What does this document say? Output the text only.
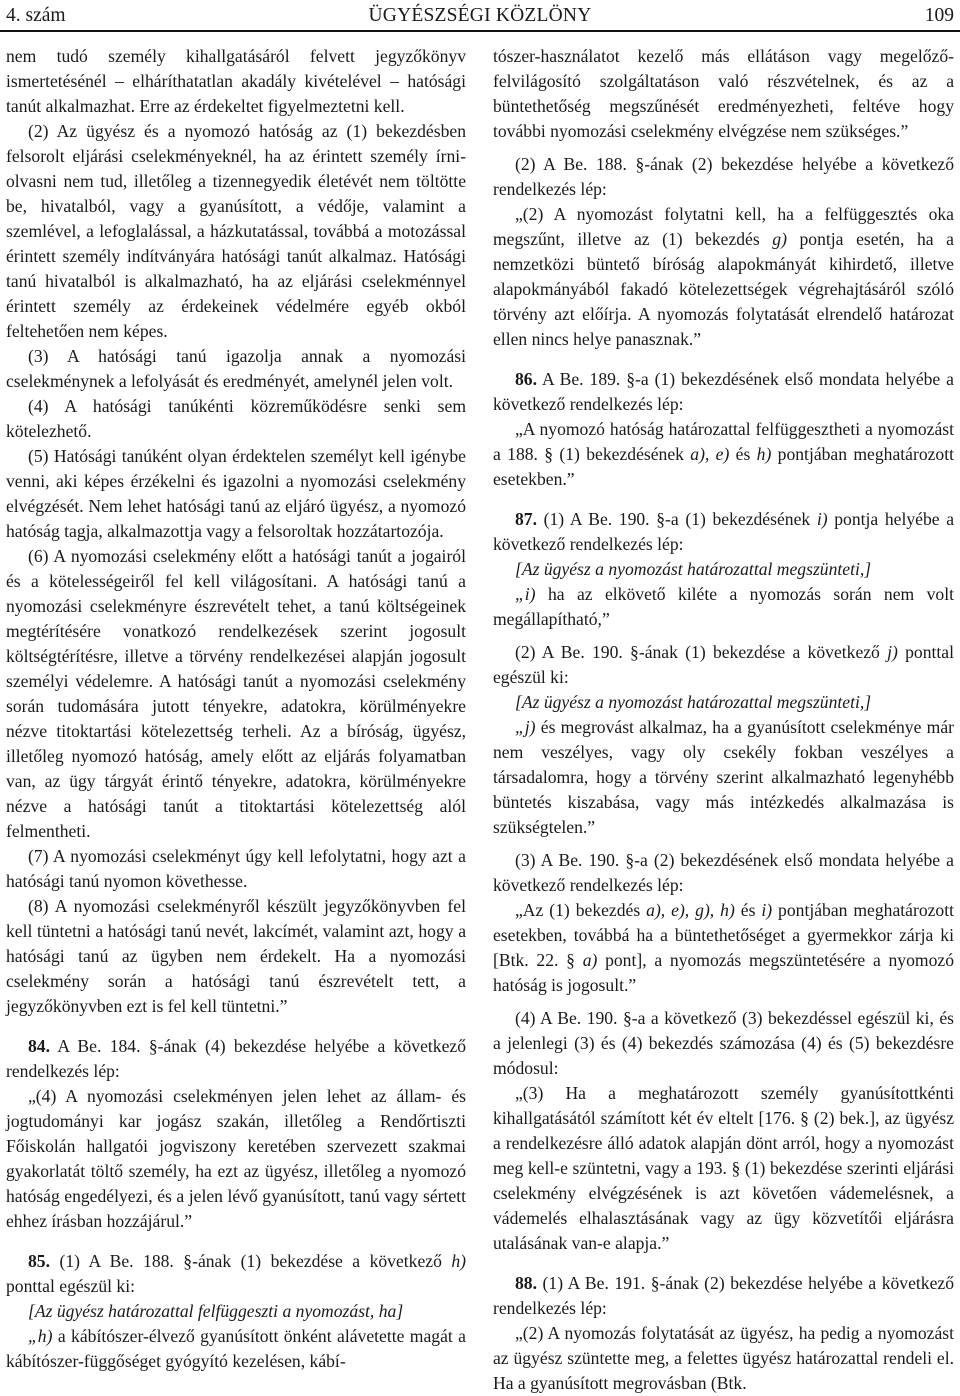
4. szám	ÜGYÉSZSÉGI KÖZLÖNY	109

nem tudó személy kihallgatásáról felvett jegyzőkönyv ismertetésénél – elháríthatatlan akadály kivételével – hatósági tanút alkalmazhat. Erre az érdekeltet figyelmeztetni kell.

(2) Az ügyész és a nyomozó hatóság az (1) bekezdésben felsorolt eljárási cselekményeknél, ha az érintett személy írni-olvasni nem tud, illetőleg a tizennegyedik életévét nem töltötte be, hivatalból, vagy a gyanúsított, a védője, valamint a szemlével, a lefoglalással, a házkutatással, továbbá a motozással érintett személy indítványára hatósági tanút alkalmaz. Hatósági tanú hivatalból is alkalmazható, ha az eljárási cselekménnyel érintett személy az érdekeinek védelmére egyéb okból feltehetően nem képes.

(3) A hatósági tanú igazolja annak a nyomozási cselekménynek a lefolyását és eredményét, amelynél jelen volt.

(4) A hatósági tanúkénti közreműködésre senki sem kötelezhető.

(5) Hatósági tanúként olyan érdektelen személyt kell igénybe venni, aki képes érzékelni és igazolni a nyomozási cselekmény elvégzését. Nem lehet hatósági tanú az eljáró ügyész, a nyomozó hatóság tagja, alkalmazottja vagy a felsoroltak hozzátartozója.

(6) A nyomozási cselekmény előtt a hatósági tanút a jogairól és a kötelességeiről fel kell világosítani. A hatósági tanú a nyomozási cselekményre észrevételt tehet, a tanú költségeinek megtérítésére vonatkozó rendelkezések szerint jogosult költségtérítésre, illetve a törvény rendelkezései alapján jogosult személyi védelemre. A hatósági tanút a nyomozási cselekmény során tudomására jutott tényekre, adatokra, körülményekre nézve titoktartási kötelezettség terheli. Az a bíróság, ügyész, illetőleg nyomozó hatóság, amely előtt az eljárás folyamatban van, az ügy tárgyát érintő tényekre, adatokra, körülményekre nézve a hatósági tanút a titoktartási kötelezettség alól felmentheti.

(7) A nyomozási cselekményt úgy kell lefolytatni, hogy azt a hatósági tanú nyomon követhesse.

(8) A nyomozási cselekményről készült jegyzőkönyvben fel kell tüntetni a hatósági tanú nevét, lakcímét, valamint azt, hogy a hatósági tanú az ügyben nem érdekelt. Ha a nyomozási cselekmény során a hatósági tanú észrevételt tett, a jegyzőkönyvben ezt is fel kell tüntetni.”

84. A Be. 184. §-ának (4) bekezdése helyébe a következő rendelkezés lép:

„(4) A nyomozási cselekményen jelen lehet az állam- és jogtudományi kar jogász szakán, illetőleg a Rendőrtiszti Főiskolán hallgatói jogviszony keretében szervezett szakmai gyakorlatát töltő személy, ha ezt az ügyész, illetőleg a nyomozó hatóság engedélyezi, és a jelen lévő gyanúsított, tanú vagy sértett ehhez írásban hozzájárul.”

85. (1) A Be. 188. §-ának (1) bekezdése a következő h) ponttal egészül ki:

[Az ügyész határozattal felfüggeszti a nyomozást, ha]

„h) a kábítószer-élvező gyanúsított önként alávetette magát a kábítószer-függőséget gyógyító kezelésen, kábí-

tószer-használatot kezelő más ellátáson vagy megelőző-felvilágosító szolgáltatáson való részvételnek, és az a büntethetőség megszűnését eredményezheti, feltéve hogy további nyomozási cselekmény elvégzése nem szükséges.”

(2) A Be. 188. §-ának (2) bekezdése helyébe a következő rendelkezés lép:

„(2) A nyomozást folytatni kell, ha a felfüggesztés oka megszűnt, illetve az (1) bekezdés g) pontja esetén, ha a nemzetközi büntető bíróság alapokmányát kihirdető, illetve alapokmányából fakadó kötelezettségek végrehajtásáról szóló törvény azt előírja. A nyomozás folytatását elrendelő határozat ellen nincs helye panasznak.”

86. A Be. 189. §-a (1) bekezdésének első mondata helyébe a következő rendelkezés lép:

„A nyomozó hatóság határozattal felfüggesztheti a nyomozást a 188. § (1) bekezdésének a), e) és h) pontjában meghatározott esetekben.”

87. (1) A Be. 190. §-a (1) bekezdésének i) pontja helyébe a következő rendelkezés lép:

[Az ügyész a nyomozást határozattal megszünteti,]

„i) ha az elkövető kiléte a nyomozás során nem volt megállapítható,”

(2) A Be. 190. §-ának (1) bekezdése a következő j) ponttal egészül ki:

[Az ügyész a nyomozást határozattal megszünteti,]

„j) és megrovást alkalmaz, ha a gyanúsított cselekménye már nem veszélyes, vagy oly csekély fokban veszélyes a társadalomra, hogy a törvény szerint alkalmazható legenyhébb büntetés kiszabása, vagy más intézkedés alkalmazása is szükségtelen.”

(3) A Be. 190. §-a (2) bekezdésének első mondata helyébe a következő rendelkezés lép:

„Az (1) bekezdés a), e), g), h) és i) pontjában meghatározott esetekben, továbbá ha a büntethetőséget a gyermekkor zárja ki [Btk. 22. § a) pont], a nyomozás megszüntetésére a nyomozó hatóság is jogosult.”

(4) A Be. 190. §-a a következő (3) bekezdéssel egészül ki, és a jelenlegi (3) és (4) bekezdés számozása (4) és (5) bekezdésre módosul:

„(3) Ha a meghatározott személy gyanúsítottkénti kihallgatásától számított két év eltelt [176. § (2) bek.], az ügyész a rendelkezésre álló adatok alapján dönt arról, hogy a nyomozást meg kell-e szüntetni, vagy a 193. § (1) bekezdése szerinti eljárási cselekmény elvégzésének is azt követően vádemelésnek, a vádemelés elhalasztásának vagy az ügy közvetítői eljárásra utalásának van-e alapja.”

88. (1) A Be. 191. §-ának (2) bekezdése helyébe a következő rendelkezés lép:

„(2) A nyomozás folytatását az ügyész, ha pedig a nyomozást az ügyész szüntette meg, a felettes ügyész határozattal rendeli el. Ha a gyanúsított megrovásban (Btk.
